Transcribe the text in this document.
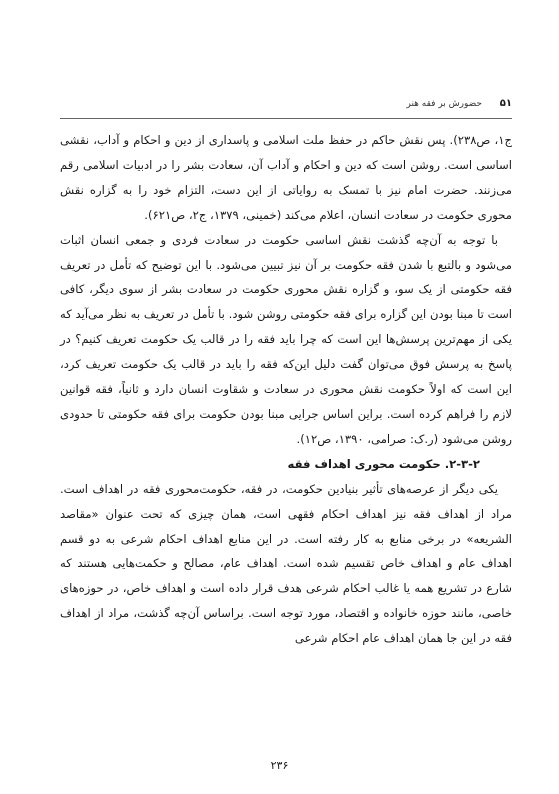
۵۱
حضورش بر فقه هنر

ج۱، ص۲۳۸). پس نقش حاکم در حفظ ملت اسلامی و پاسداری از دین و احکام و آداب، نقشی اساسی است. روشن است که دین و احکام و آداب آن، سعادت بشر را در ادبیات اسلامی رقم می‌زنند. حضرت امام نیز با تمسک به روایاتی از این دست، التزام خود را به گزاره نقش محوری حکومت در سعادت انسان، اعلام می‌کند (خمینی، ۱۳۷۹، ج۲، ص۶۲۱).

با توجه به آن‌چه گذشت نقش اساسی حکومت در سعادت فردی و جمعی انسان اثبات می‌شود و بالتبع با شدن فقه حکومت بر آن نیز تبیین می‌شود. با این توضیح که تأمل در تعریف فقه حکومتی از یک سو، و گزاره نقش محوری حکومت در سعادت بشر از سوی دیگر، کافی است تا مبنا بودن این گزاره برای فقه حکومتی روشن شود. با تأمل در تعریف به نظر می‌آید که یکی از مهم‌ترین پرسش‌ها این است که چرا باید فقه را در قالب یک حکومت تعریف کنیم؟ در پاسخ به پرسش فوق می‌توان گفت دلیل این‌که فقه را باید در قالب یک حکومت تعریف کرد، این است که اولاً حکومت نقش محوری در سعادت و شقاوت انسان دارد و ثانیاً، فقه قوانین لازم را فراهم کرده است. براین اساس جرایی مبنا بودن حکومت برای فقه حکومتی تا حدودی روشن می‌شود (ر.ک: صرامی، ۱۳۹۰، ص۱۲).

۲-۳-۲. حکومت محوری اهداف فقه

یکی دیگر از عرصه‌های تأثیر بنیادین حکومت، در فقه، حکومت‌محوری فقه در اهداف است. مراد از اهداف فقه نیز اهداف احکام فقهی است، همان چیزی که تحت عنوان «مقاصد الشریعه» در برخی منابع به کار رفته است. در این منابع اهداف احکام شرعی به دو قسم اهداف عام و اهداف خاص تقسیم شده است. اهداف عام، مصالح و حکمت‌هایی هستند که شارع در تشریع همه یا غالب احکام شرعی هدف قرار داده است و اهداف خاص، در حوزه‌های خاصی، مانند حوزه خانواده و اقتصاد، مورد توجه است. براساس آن‌چه گذشت، مراد از اهداف فقه در این جا همان اهداف عام احکام شرعی

۲۳۶
